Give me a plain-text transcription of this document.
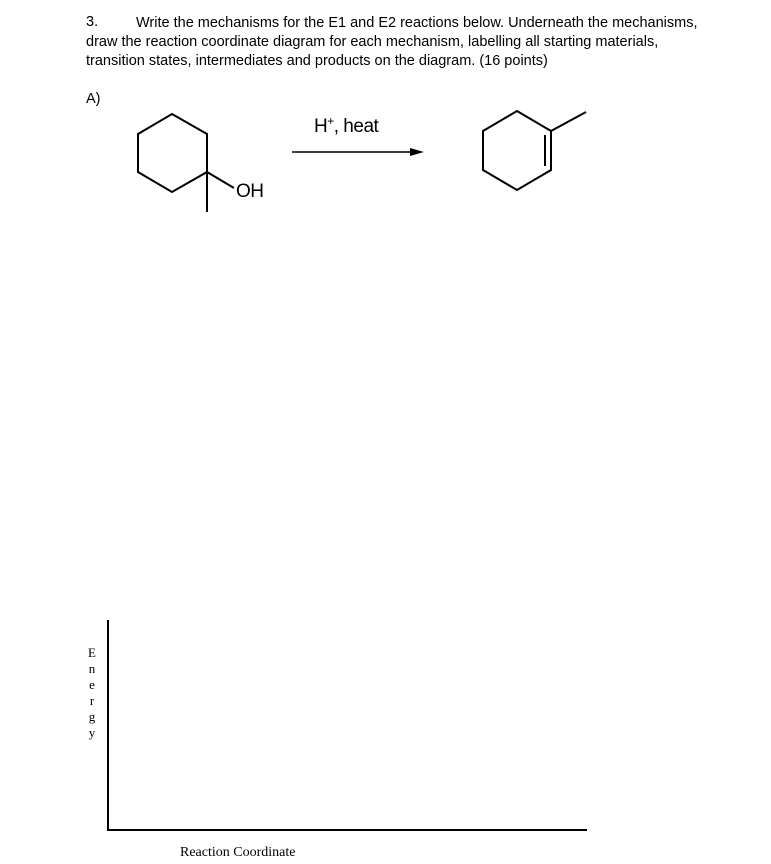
3.	Write the mechanisms for the E1 and E2 reactions below. Underneath the mechanisms, draw the reaction coordinate diagram for each mechanism, labelling all starting materials, transition states, intermediates and products on the diagram. (16 points)

A)
H+, heat
OH
E
n
e
r
g
y
Reaction Coordinate
